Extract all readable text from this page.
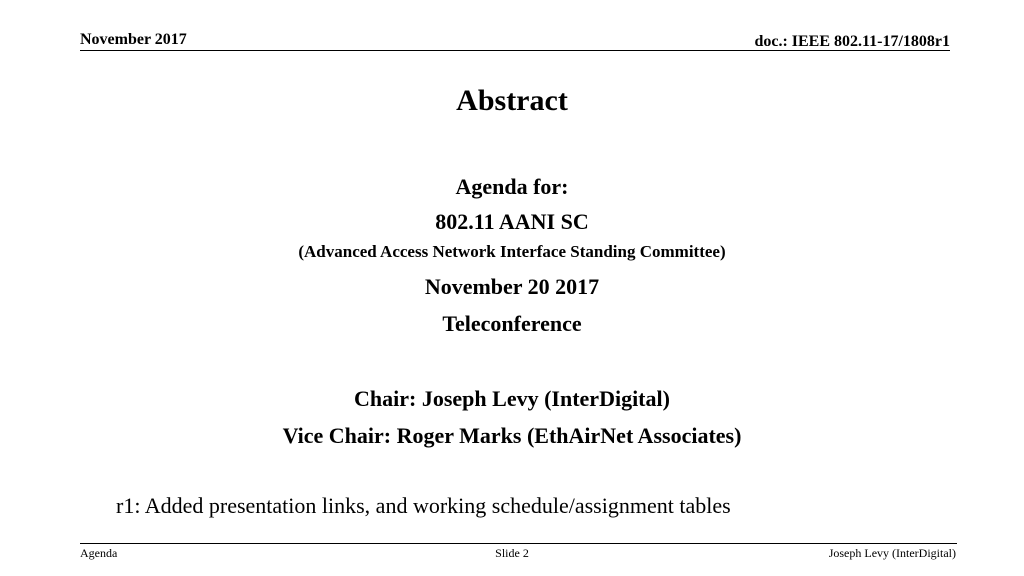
November 2017	doc.: IEEE 802.11-17/1808r1
Abstract
Agenda for:
802.11 AANI SC
(Advanced Access Network Interface Standing Committee)
November 20 2017
Teleconference
Chair: Joseph Levy (InterDigital)
Vice Chair: Roger Marks (EthAirNet Associates)
r1: Added presentation links, and working schedule/assignment tables
Agenda	Slide 2	Joseph Levy (InterDigital)
